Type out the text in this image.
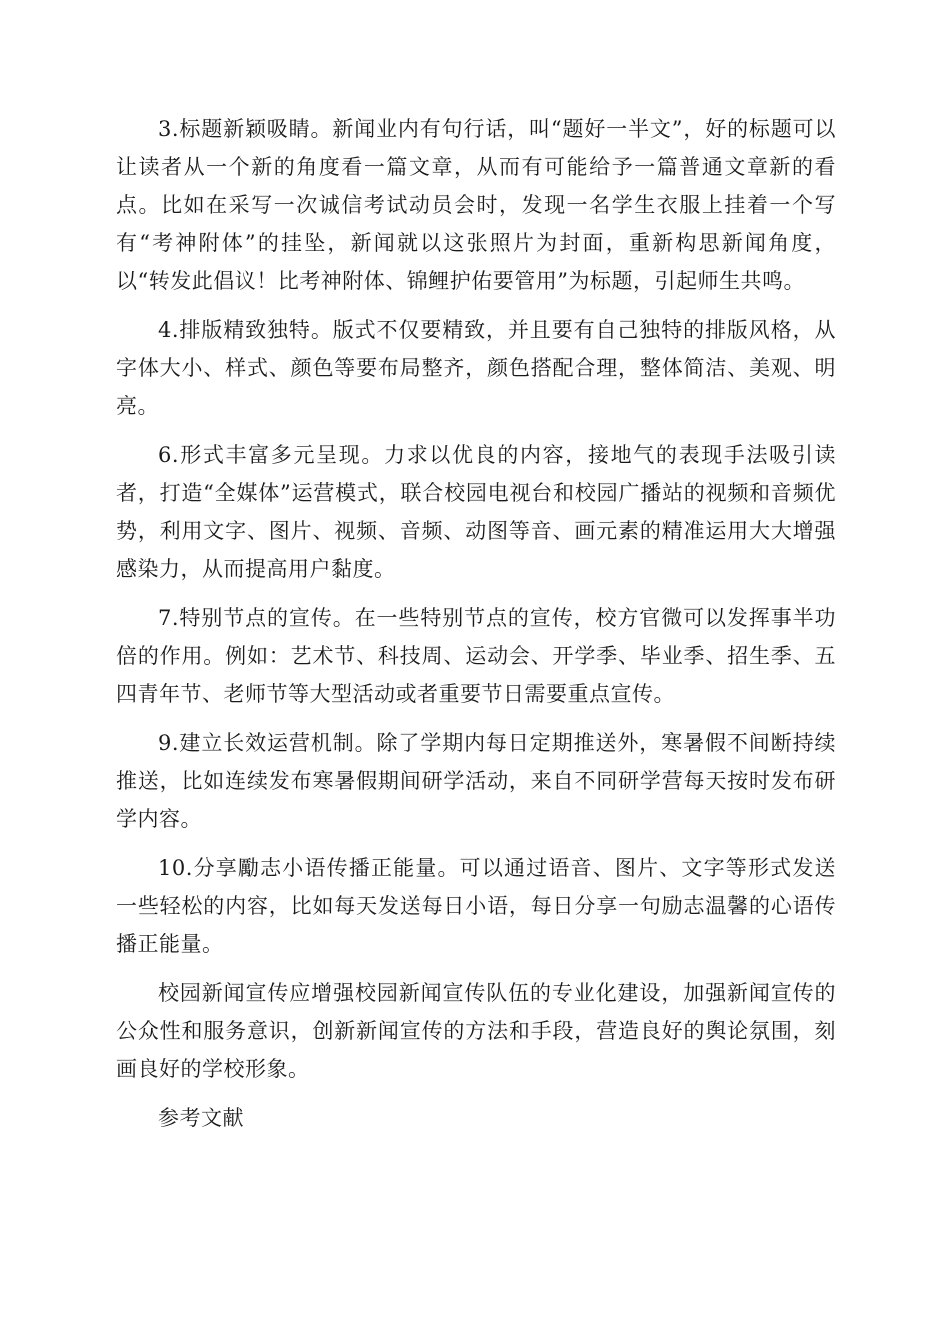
3.标题新颖吸睛。新闻业内有句行话，叫“题好一半文”，好的标题可以让读者从一个新的角度看一篇文章，从而有可能给予一篇普通文章新的看点。比如在采写一次诚信考试动员会时，发现一名学生衣服上挂着一个写有“考神附体”的挂坠，新闻就以这张照片为封面，重新构思新闻角度，以“转发此倡议！比考神附体、锦鲤护佑要管用”为标题，引起师生共鸣。

4.排版精致独特。版式不仅要精致，并且要有自己独特的排版风格，从字体大小、样式、颜色等要布局整齐，颜色搭配合理，整体简洁、美观、明亮。

6.形式丰富多元呈现。力求以优良的内容，接地气的表现手法吸引读者，打造“全媒体”运营模式，联合校园电视台和校园广播站的视频和音频优势，利用文字、图片、视频、音频、动图等音、画元素的精准运用大大增强感染力，从而提高用户黏度。

7.特别节点的宣传。在一些特别节点的宣传，校方官微可以发挥事半功倍的作用。例如：艺术节、科技周、运动会、开学季、毕业季、招生季、五四青年节、老师节等大型活动或者重要节日需要重点宣传。

9.建立长效运营机制。除了学期内每日定期推送外，寒暑假不间断持续推送，比如连续发布寒暑假期间研学活动，来自不同研学营每天按时发布研学内容。

10.分享勵志小语传播正能量。可以通过语音、图片、文字等形式发送一些轻松的内容，比如每天发送每日小语，每日分享一句励志温馨的心语传播正能量。

校园新闻宣传应增强校园新闻宣传队伍的专业化建设，加强新闻宣传的公众性和服务意识，创新新闻宣传的方法和手段，营造良好的舆论氛围，刻画良好的学校形象。

参考文献
